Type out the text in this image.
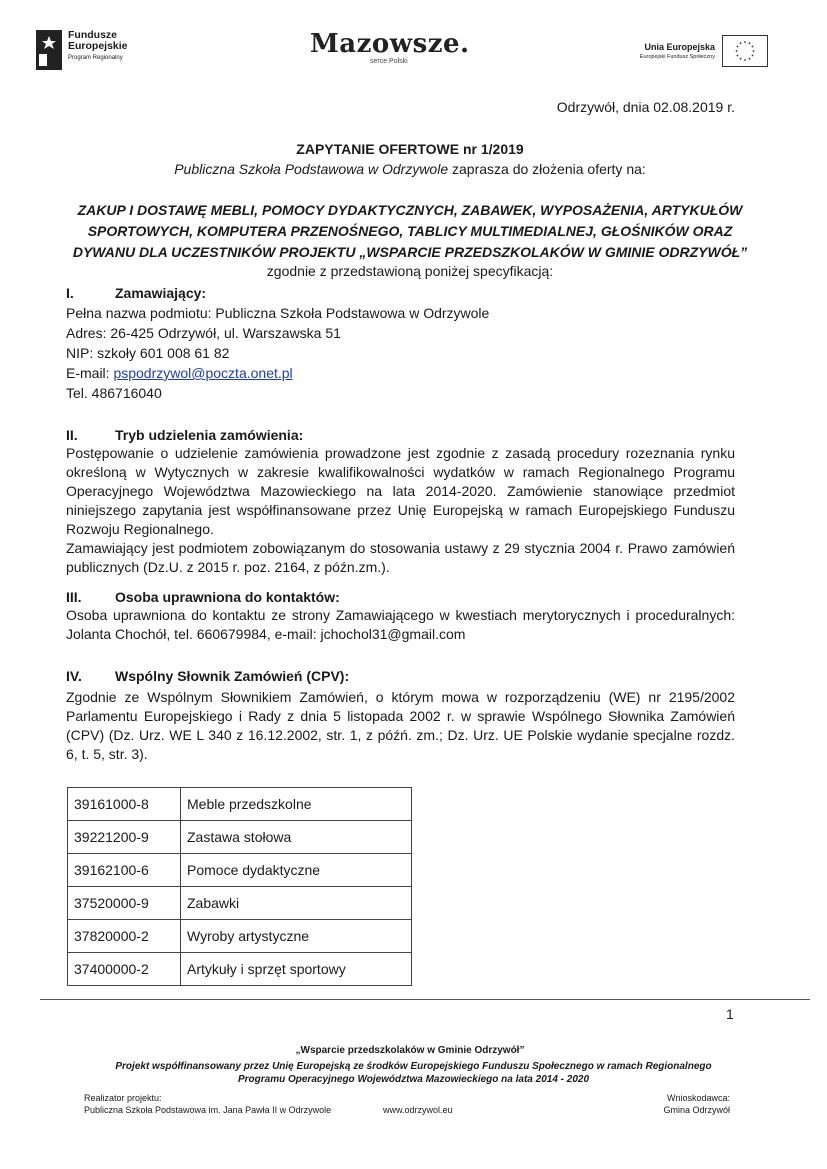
Fundusze
Europejskie
Program Regionalny	Mazowsze.
serce Polski
Unia Europejska
Europejski Fundusz Społeczny
Odrzywół, dnia 02.08.2019 r.
ZAPYTANIE OFERTOWE nr 1/2019
Publiczna Szkoła Podstawowa w Odrzywole zaprasza do złożenia oferty na:
ZAKUP I DOSTAWĘ MEBLI, POMOCY DYDAKTYCZNYCH, ZABAWEK, WYPOSAŻENIA, ARTYKUŁÓW
SPORTOWYCH, KOMPUTERA PRZENOŚNEGO, TABLICY MULTIMEDIALNEJ, GŁOŚNIKÓW ORAZ
DYWANU DLA UCZESTNIKÓW PROJEKTU „WSPARCIE PRZEDSZKOLAKÓW W GMINIE ODRZYWÓŁ”
zgodnie z przedstawioną poniżej specyfikacją:
I.	Zamawiający:
Pełna nazwa podmiotu: Publiczna Szkoła Podstawowa w Odrzywole
Adres: 26-425 Odrzywół, ul. Warszawska 51
NIP: szkoły 601 008 61 82
E-mail: pspodrzywol@poczta.onet.pl
Tel. 486716040
II.	Tryb udzielenia zamówienia:
Postępowanie o udzielenie zamówienia prowadzone jest zgodnie z zasadą procedury rozeznania rynku określoną w Wytycznych w zakresie kwalifikowalności wydatków w ramach Regionalnego Programu Operacyjnego Województwa Mazowieckiego na lata 2014-2020. Zamówienie stanowiące przedmiot niniejszego zapytania jest współfinansowane przez Unię Europejską w ramach Europejskiego Funduszu Rozwoju Regionalnego.
Zamawiający jest podmiotem zobowiązanym do stosowania ustawy z 29 stycznia 2004 r. Prawo zamówień publicznych (Dz.U. z 2015 r. poz. 2164, z późn.zm.).
III. Osoba uprawniona do kontaktów:
Osoba uprawniona do kontaktu ze strony Zamawiającego w kwestiach merytorycznych i proceduralnych: Jolanta Chochół, tel. 660679984, e-mail: jchochol31@gmail.com
IV. Wspólny Słownik Zamówień (CPV):
Zgodnie ze Wspólnym Słownikiem Zamówień, o którym mowa w rozporządzeniu (WE) nr 2195/2002 Parlamentu Europejskiego i Rady z dnia 5 listopada 2002 r. w sprawie Wspólnego Słownika Zamówień (CPV) (Dz. Urz. WE L 340 z 16.12.2002, str. 1, z późń. zm.; Dz. Urz. UE Polskie wydanie specjalne rozdz. 6, t. 5, str. 3).
39161000-8	Meble przedszkolne
39221200-9	Zastawa stołowa
39162100-6	Pomoce dydaktyczne
37520000-9	Zabawki
37820000-2	Wyroby artystyczne
37400000-2	Artykuły i sprzęt sportowy
1
„Wsparcie przedszkolaków w Gminie Odrzywół”
Projekt współfinansowany przez Unię Europejską ze środków Europejskiego Funduszu Społecznego w ramach Regionalnego
Programu Operacyjnego Województwa Mazowieckiego na lata 2014 - 2020
Realizator projektu:
Publiczna Szkoła Podstawowa im. Jana Pawła II w Odrzywole	www.odrzywol.eu
Wnioskodawca:
Gmina Odrzywół
